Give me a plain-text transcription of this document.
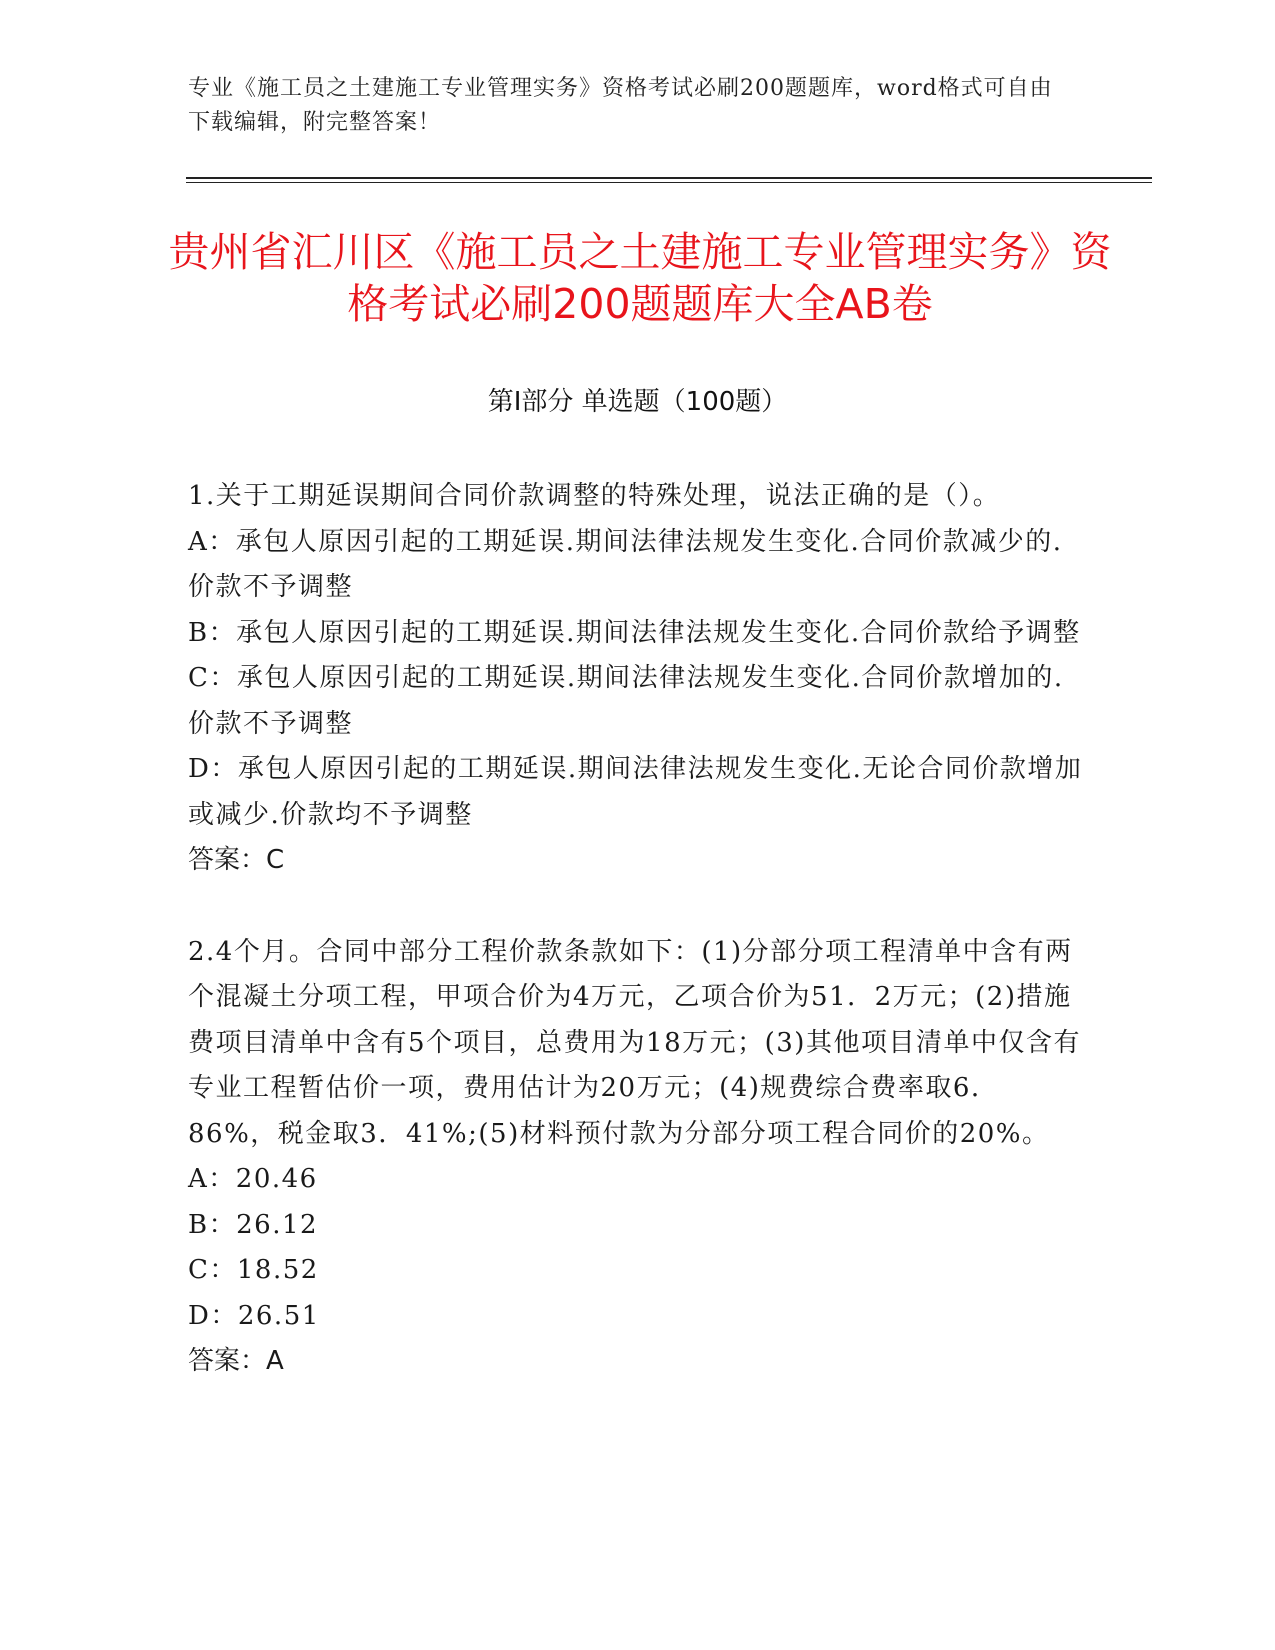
专业《施工员之土建施工专业管理实务》资格考试必刷200题题库，word格式可自由下载编辑，附完整答案！
贵州省汇川区《施工员之土建施工专业管理实务》资格考试必刷200题题库大全AB卷
第I部分 单选题（100题）

1.关于工期延误期间合同价款调整的特殊处理，说法正确的是（）。

A：承包人原因引起的工期延误.期间法律法规发生变化.合同价款减少的.价款不予调整

B：承包人原因引起的工期延误.期间法律法规发生变化.合同价款给予调整

C：承包人原因引起的工期延误.期间法律法规发生变化.合同价款增加的.价款不予调整

D：承包人原因引起的工期延误.期间法律法规发生变化.无论合同价款增加或减少.价款均不予调整

答案：C

2.4个月。合同中部分工程价款条款如下：(1)分部分项工程清单中含有两个混凝土分项工程，甲项合价为4万元，乙项合价为51．2万元；(2)措施费项目清单中含有5个项目，总费用为18万元；(3)其他项目清单中仅含有专业工程暂估价一项，费用估计为20万元；(4)规费综合费率取6．86%，税金取3．41%;(5)材料预付款为分部分项工程合同价的20%。

A：20.46

B：26.12

C：18.52

D：26.51

答案：A
